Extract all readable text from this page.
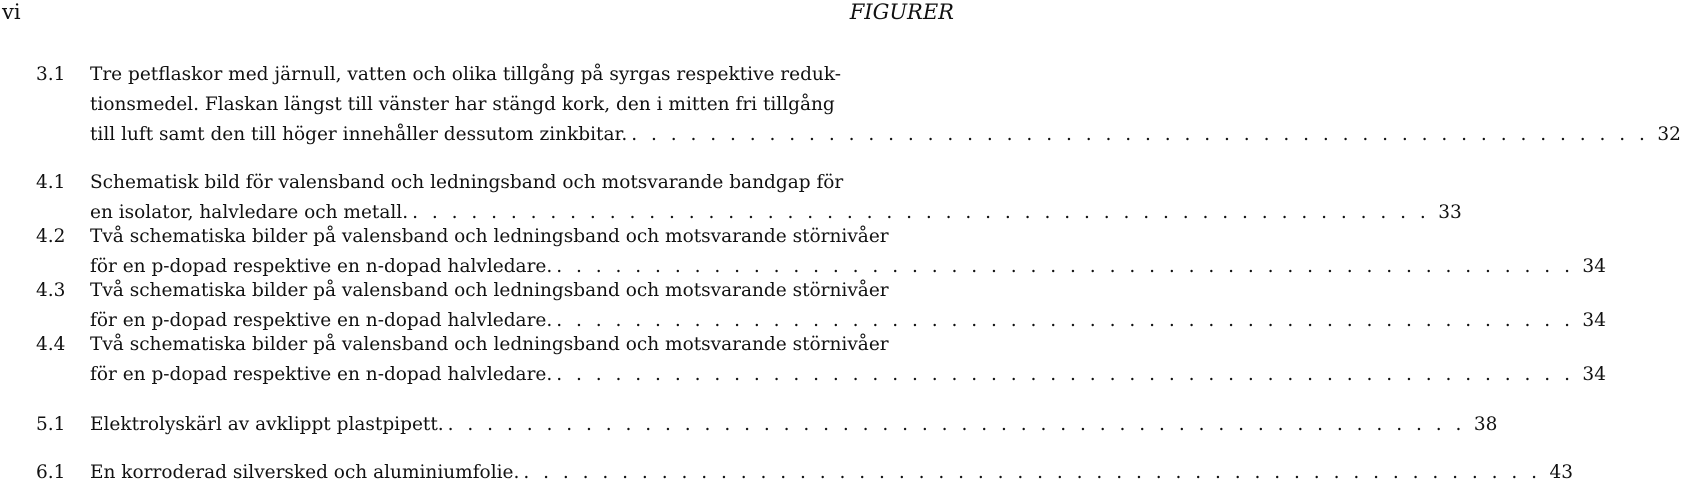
vi	FIGURER
3.1	Tre petflaskor med järnull, vatten och olika tillgång på syrgas respektive reduk-
tionsmedel. Flaskan längst till vänster har stängd kork, den i mitten fri tillgång
till luft samt den till höger innehåller dessutom zinkbitar. . . . . . . . . . . . . . . . . . . . . . . . . . . . . . . . . . . . . . . . . . . . . . . . . . . . . 32
4.1	Schematisk bild för valensband och ledningsband och motsvarande bandgap för
en isolator, halvledare och metall. . . . . . . . . . . . . . . . . . . . . . . . . . . . . . . . . . . . . . . . . . . . . . . . . . . . . 33
4.2	Två schematiska bilder på valensband och ledningsband och motsvarande störnivåer
för en p-dopad respektive en n-dopad halvledare. . . . . . . . . . . . . . . . . . . . . . . . . . . . . . . . . . . . . . . . . . . . . . . . . . . . . 34
4.3	Två schematiska bilder på valensband och ledningsband och motsvarande störnivåer
för en p-dopad respektive en n-dopad halvledare. . . . . . . . . . . . . . . . . . . . . . . . . . . . . . . . . . . . . . . . . . . . . . . . . . . . . 34
4.4	Två schematiska bilder på valensband och ledningsband och motsvarande störnivåer
för en p-dopad respektive en n-dopad halvledare. . . . . . . . . . . . . . . . . . . . . . . . . . . . . . . . . . . . . . . . . . . . . . . . . . . . . 34
5.1	Elektrolyskärl av avklippt plastpipett. . . . . . . . . . . . . . . . . . . . . . . . . . . . . . . . . . . . . . . . . . . . . . . . . . . . . 38
6.1	En korroderad silversked och aluminiumfolie. . . . . . . . . . . . . . . . . . . . . . . . . . . . . . . . . . . . . . . . . . . . . . . . . . . . . 43
